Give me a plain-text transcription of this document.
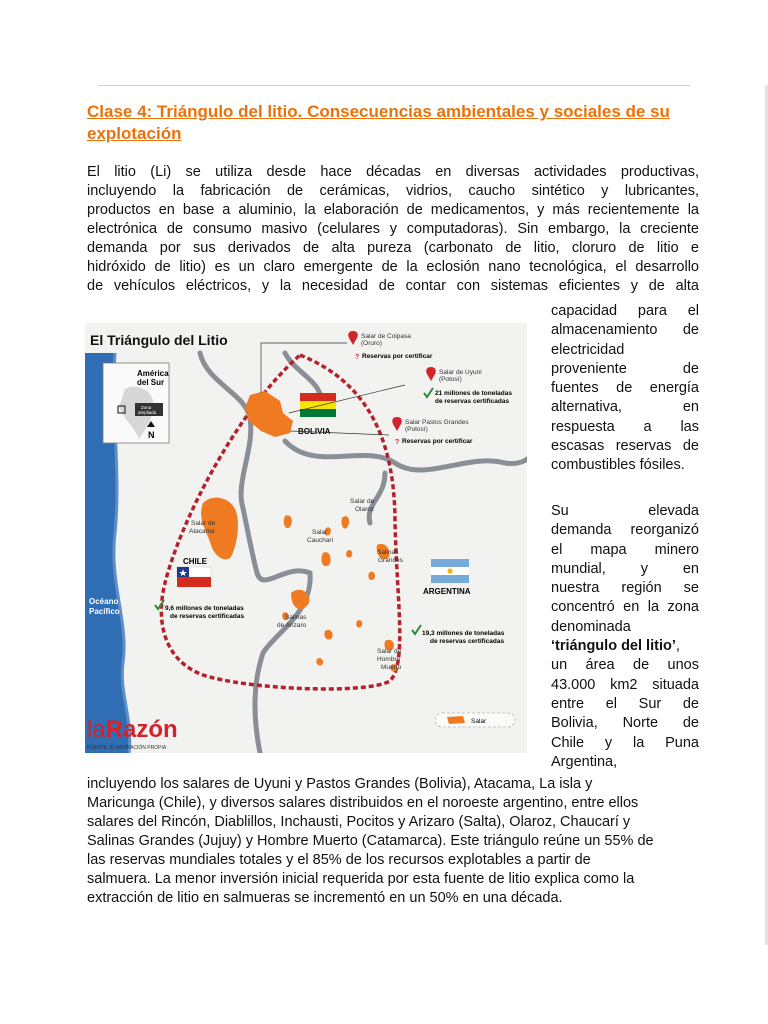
Clase 4: Triángulo del litio. Consecuencias ambientales y sociales de su explotación
El litio (Li) se utiliza desde hace décadas en diversas actividades productivas,
incluyendo la fabricación de cerámicas, vidrios, caucho sintético y lubricantes,
productos en base a aluminio, la elaboración de medicamentos, y más recientemente la
electrónica de consumo masivo (celulares y computadoras). Sin embargo, la creciente
demanda por sus derivados de alta pureza (carbonato de litio, cloruro de litio e
hidróxido de litio) es un claro emergente de la eclosión nano tecnológica, el desarrollo
de vehículos eléctricos, y la necesidad de contar con sistemas eficientes y de alta
capacidad para el
almacenamiento de
electricidad
proveniente de
fuentes de energía
alternativa, en
respuesta a las
escasas reservas de
combustibles fósiles.
Su elevada
demanda reorganizó
el mapa minero
mundial, y en
nuestra región se
concentró en la zona
denominada
‘triángulo del litio’,
un área de unos
43.000 km2 situada
entre el Sur de
Bolivia, Norte de
Chile y la Puna
Argentina,
El Triángulo del Litio
América
del Sur
Zona
ampliada
N
Océano
Pacífico
BOLIVIA
CHILE
ARGENTINA
Salar de Coipasa
(Oruro)
? Reservas por certificar
Salar de Uyuni
(Potosí)
21 millones de toneladas
de reservas certificadas
Salar Pastos Grandes
(Potosí)
? Reservas por certificar
Salar de
Olaroz
Salar de
Atacama	Salar
Cauchari
Salinas
Grandes
Salinas
de Arizaro
Salar de
Hombre
Muerto
9,6 millones de toneladas
de reservas certificadas
19,3 millones de toneladas
de reservas certificadas
Salar
laRazón
FUENTE: ELABORACIÓN PROPIA
incluyendo los salares de Uyuni y Pastos Grandes (Bolivia), Atacama, La isla y
Maricunga (Chile), y diversos salares distribuidos en el noroeste argentino, entre ellos
salares del Rincón, Diablillos, Inchausti, Pocitos y Arizaro (Salta), Olaroz, Chaucarí y
Salinas Grandes (Jujuy) y Hombre Muerto (Catamarca). Este triángulo reúne un 55% de
las reservas mundiales totales y el 85% de los recursos explotables a partir de
salmuera. La menor inversión inicial requerida por esta fuente de litio explica como la
extracción de litio en salmueras se incrementó en un 50% en una década.
